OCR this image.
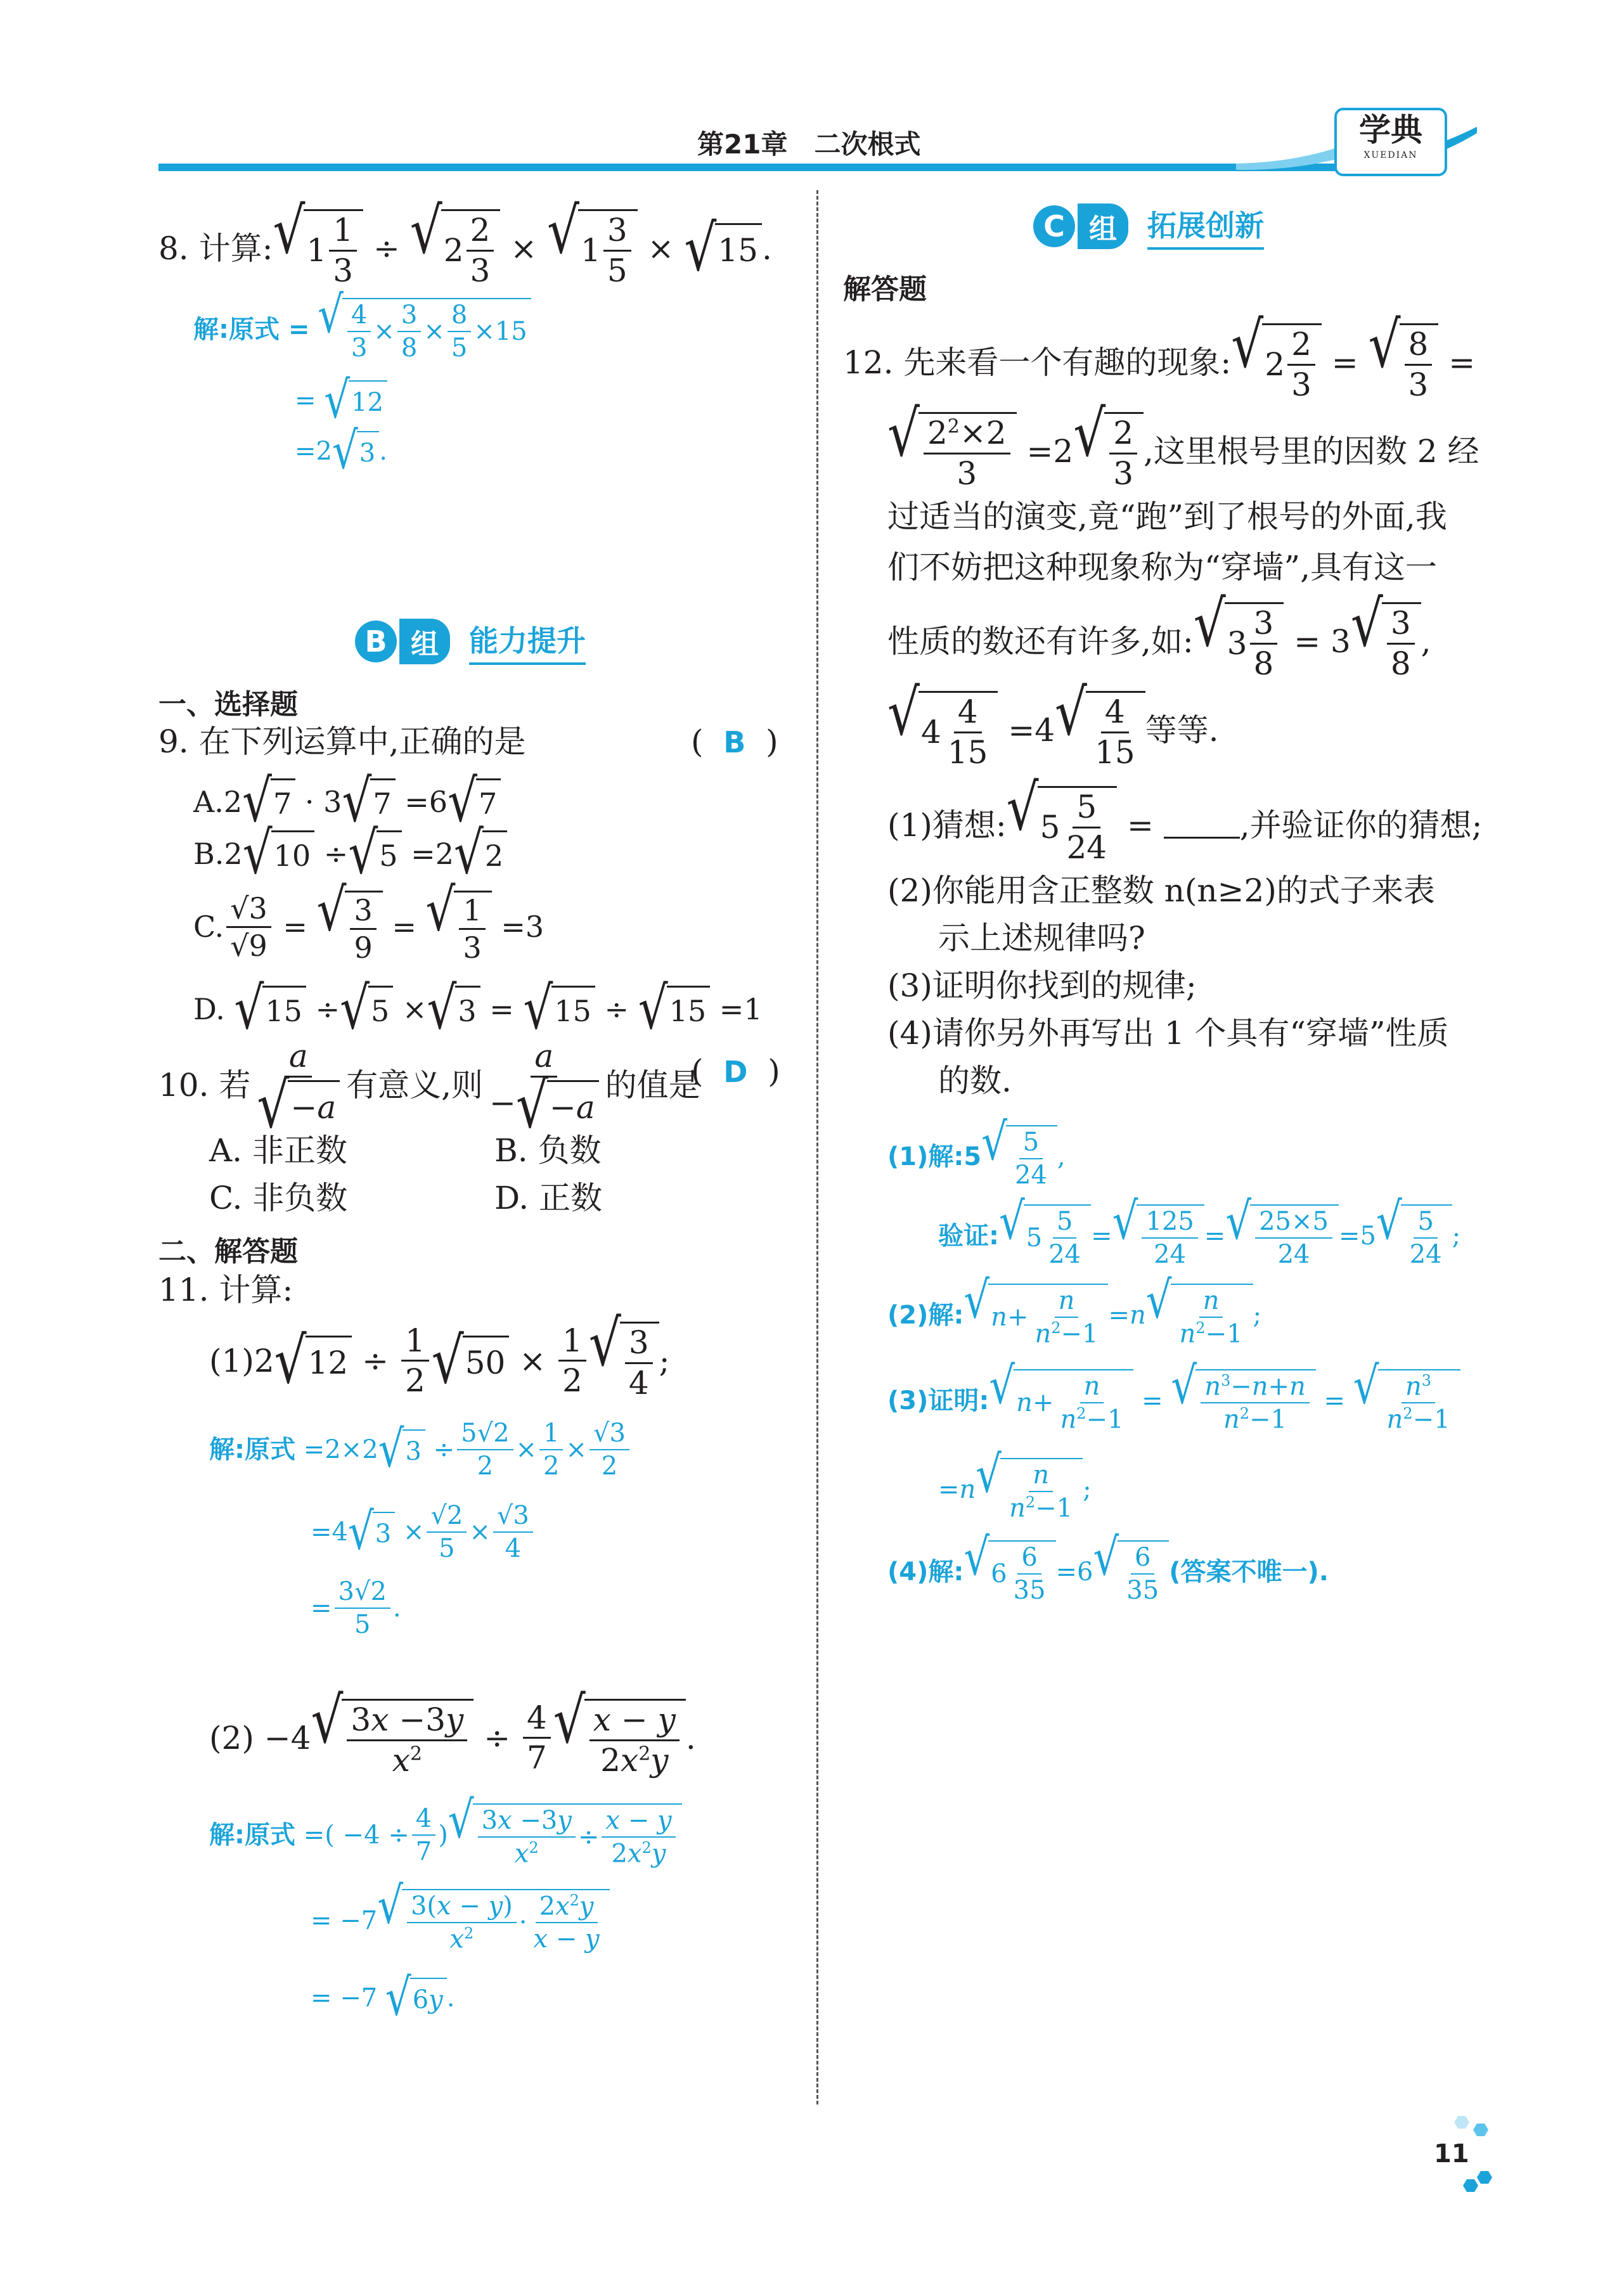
第21章　二次根式	学典
XUEDIAN
8. 计算: √ $1 \frac{1}{3}$ ÷ √ $2 \frac{2}{3}$ × √ $1 \frac{3}{5}$ × √ 15 .
解:原式 =
√ $\frac{4}{3} \times \frac{3}{8} \times \frac{8}{5} \times 15$
= √ 12
=2 √ 3 .
B 组	能力提升
一、选择题
9. 在下列运算中,正确的是	(  B  )
A. 2 √ 7 · 3 √ 7 =6 √ 7
B. 2 √ 10 ÷ √ 5 =2 √ 2
C. $\frac{√3}{√9}$ = √ $\frac{3}{9}$ = √ $\frac{1}{3} =3$
D.
√ 15 ÷ √ 5 × √ 3 = √ 15 ÷ √ 15 =1
10. 若 $\frac{a}{√ - a}$ 有意义,则 $\frac{a}{- √ - a}$ 的值是
(  D  )
A. 非正数	B. 负数
C. 非负数	D. 正数
二、解答题
11. 计算:
(1) 2 √ $12 \div \frac{1}{2}$ √ $50 \times \frac{1}{2}$ √ $\frac{3}{4}$ ;
解:原式 =2×2 √ $3 \div \frac{5√2}{2} \times \frac{1}{2} \times \frac{√3}{2}$
=4 √ $3 \times \frac{√2}{5} \times \frac{√3}{4}$
= $\frac{3√2}{5}$ .
(2) −4 √ $\frac{3x -3y}{x^2} \div \frac{4}{7}$ √ $\frac{x - y}{2x^2y}$ .
解:原式 =( $-4 \div \frac{4}{7}$ ) √ $\frac{3x -3y}{x^2} \div \frac{x - y}{2x^2y}$
= −7 √ $\frac{3(x - y)}{x^2} \cdot \frac{2x^2y}{x - y}$
= −7 √ 6 y .
C 组	拓展创新
解答题
12. 先来看一个有趣的现象: √ $2 \frac{2}{3}$ = √ $\frac{8}{3}$ =
√ $\frac{2^2\times 2}{3} =2$ √ $\frac{2}{3}$ ,这里根号里的因数 2 经
过适当的演变,竟“跑”到了根号的外面,我
们不妨把这种现象称为“穿墙”,具有这一
性质的数还有许多,如: √ $3 \frac{3}{8} = 3$ √ $\frac{3}{8}$ ,
√ $4 \frac{4}{15} =4$ √ $\frac{4}{15}$ 等等.
(1)猜想: √ $5 \frac{5}{24}$ = ,并验证你的猜想;
(2)你能用含正整数 n(n≥2)的式子来表
示上述规律吗?
(3)证明你找到的规律;
(4)请你另外再写出 1 个具有“穿墙”性质
的数.
(1)解:5 √ $\frac{5}{24}$ ,
验证: √ $5 \frac{5}{24}$ = √ $\frac{125}{24}$ = √ $\frac{25\times 5}{24} =5$ √ $\frac{5}{24}$ ;
(2)解: √ $n + \frac{n}{n^2-1} = n$ √ $\frac{n}{n^2-1}$ ;
(3)证明: √ $n + \frac{n}{n^2-1}$ = √ $\frac{n^3-n+n}{n^2-1}$ = √ $\frac{n^3}{n^2-1}$
= n √ $\frac{n}{n^2-1}$ ;
(4)解: √ $6 \frac{6}{35} =6$ √ $\frac{6}{35}$ (答案不唯一).
11
